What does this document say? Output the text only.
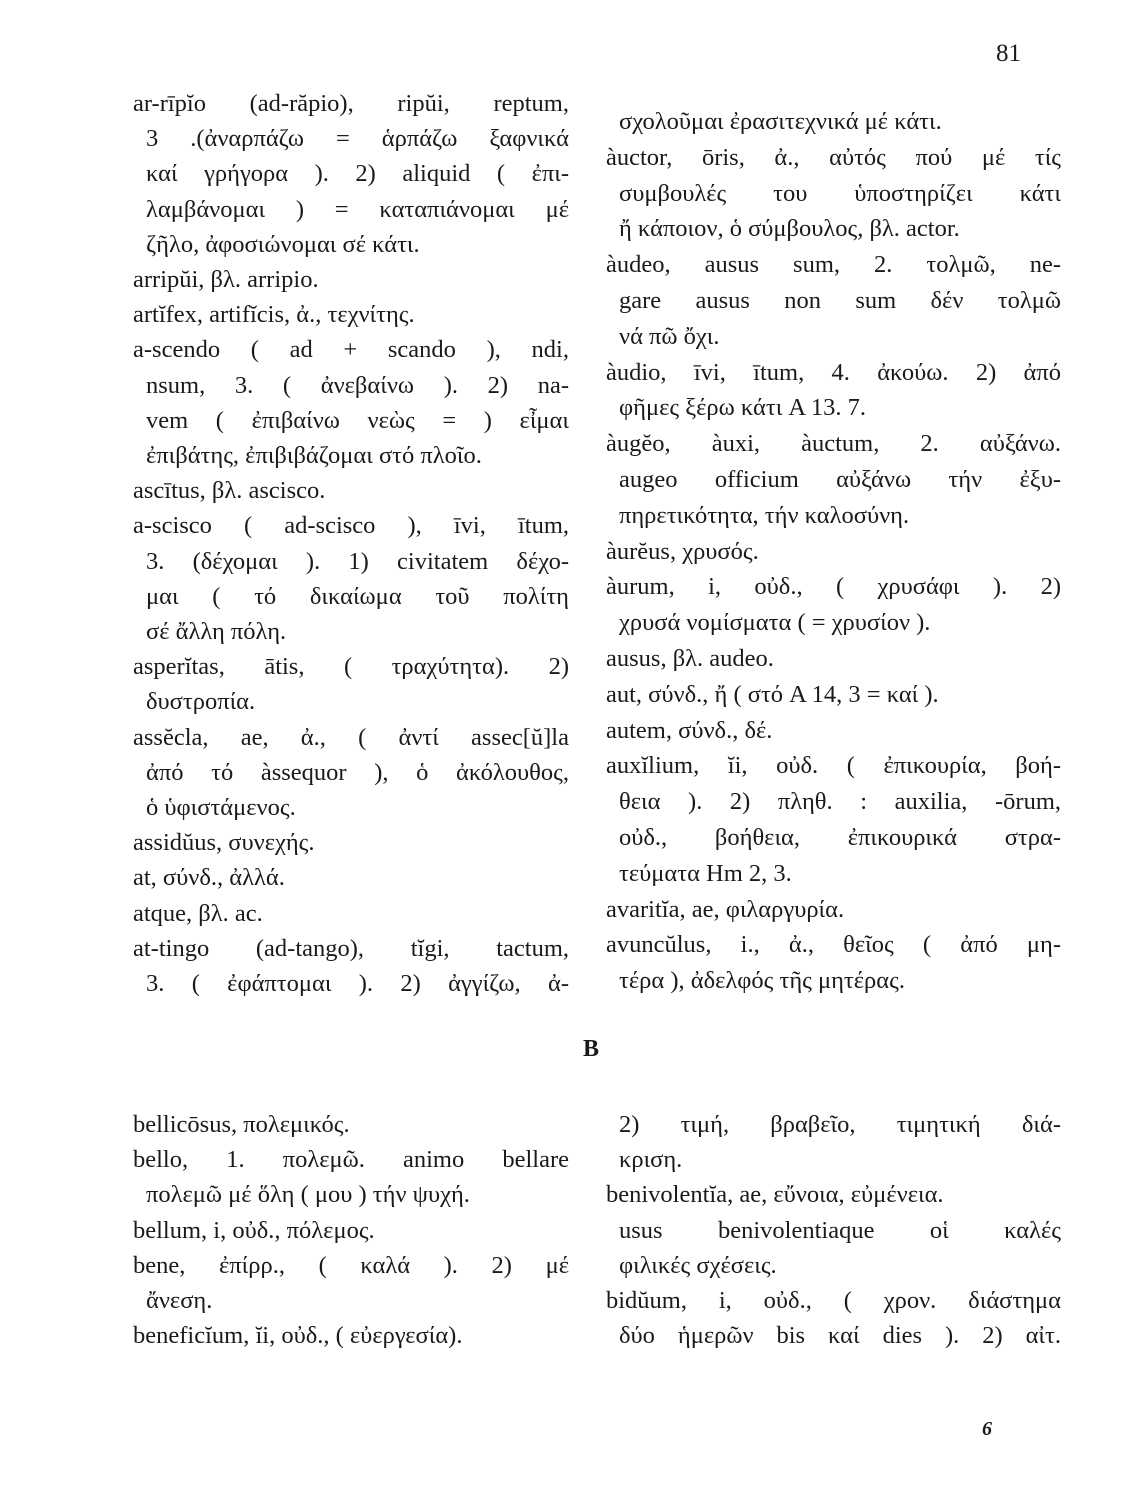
81
ar-rīpĭo (ad-răpio), ripŭi, reptum,
3 .(ἀναρπάζω = ἁρπάζω ξαφνικά
καί γρήγορα ). 2) aliquid ( ἐπι-
λαμβάνομαι ) = καταπιάνομαι μέ
ζῆλο, ἀφοσιώνομαι σέ κάτι.
arripŭi, βλ. arripio.
artĭfex, artifĭcis, ἀ., τεχνίτης.
a-scendo ( ad + scando ), ndi,
nsum, 3. ( ἀνεβαίνω ). 2) na-
vem ( ἐπιβαίνω νεὼς = ) εἶμαι
ἐπιβάτης, ἐπιβιβάζομαι στό πλοῖο.
ascītus, βλ. ascisco.
a-scisco ( ad-scisco ), īvi, ītum,
3. (δέχομαι ). 1) civitatem δέχο-
μαι ( τό δικαίωμα τοῦ πολίτη
σέ ἄλλη πόλη.
asperĭtas, ātis, ( τραχύτητα). 2)
δυστροπία.
assĕcla, ae, ἀ., ( ἀντί assec[ŭ]la
ἀπό τό àssequor ), ὁ ἀκόλουθος,
ὁ ὑφιστάμενος.
assidŭus, συνεχής.
at, σύνδ., ἀλλά.
atque, βλ. ac.
at-tingo (ad-tango), tĭgi, tactum,
3. ( ἐφάπτομαι ). 2) ἀγγίζω, ἀ-
σχολοῦμαι ἐρασιτεχνικά μέ κάτι.
àuctor, ōris, ἀ., αὐτός πού μέ τίς
συμβουλές του ὑποστηρίζει κάτι
ἤ κάποιον, ὁ σύμβουλος, βλ. actor.
àudeo, ausus sum, 2. τολμῶ, ne-
gare ausus non sum δέν τολμῶ
νά πῶ ὄχι.
àudio, īvi, ītum, 4. ἀκούω. 2) ἀπό
φῆμες ξέρω κάτι A 13. 7.
àugĕo, àuxi, àuctum, 2. αὐξάνω.
augeo officium αὐξάνω τήν ἐξυ-
πηρετικότητα, τήν καλοσύνη.
àurĕus, χρυσός.
àurum, i, οὐδ., ( χρυσάφι ). 2)
χρυσά νομίσματα ( = χρυσίον ).
ausus, βλ. audeo.
aut, σύνδ., ἤ ( στό A 14, 3 = καί ).
autem, σύνδ., δέ.
auxĭlium, ĭi, οὐδ. ( ἐπικουρία, βοή-
θεια ). 2) πληθ. : auxilia, -ōrum,
οὐδ., βοήθεια, ἐπικουρικά στρα-
τεύματα Hm 2, 3.
avaritĭa, ae, φιλαργυρία.
avuncŭlus, i., ἀ., θεῖος ( ἀπό μη-
τέρα ), ἀδελφός τῆς μητέρας.
B
bellicōsus, πολεμικός.
bello, 1. πολεμῶ. animo bellare
πολεμῶ μέ ὅλη ( μου ) τήν ψυχή.
bellum, i, οὐδ., πόλεμος.
bene, ἐπίρρ., ( καλά ). 2) μέ
ἄνεση.
beneficĭum, ĭi, οὐδ., ( εὐεργεσία).
2) τιμή, βραβεῖο, τιμητική διά-
κριση.
benivolentĭa, ae, εὔνοια, εὐμένεια.
usus benivolentiaque οἱ καλές
φιλικές σχέσεις.
bidŭum, i, οὐδ., ( χρον. διάστημα
δύο ἡμερῶν bis καί dies ). 2) αἰτ.
6
